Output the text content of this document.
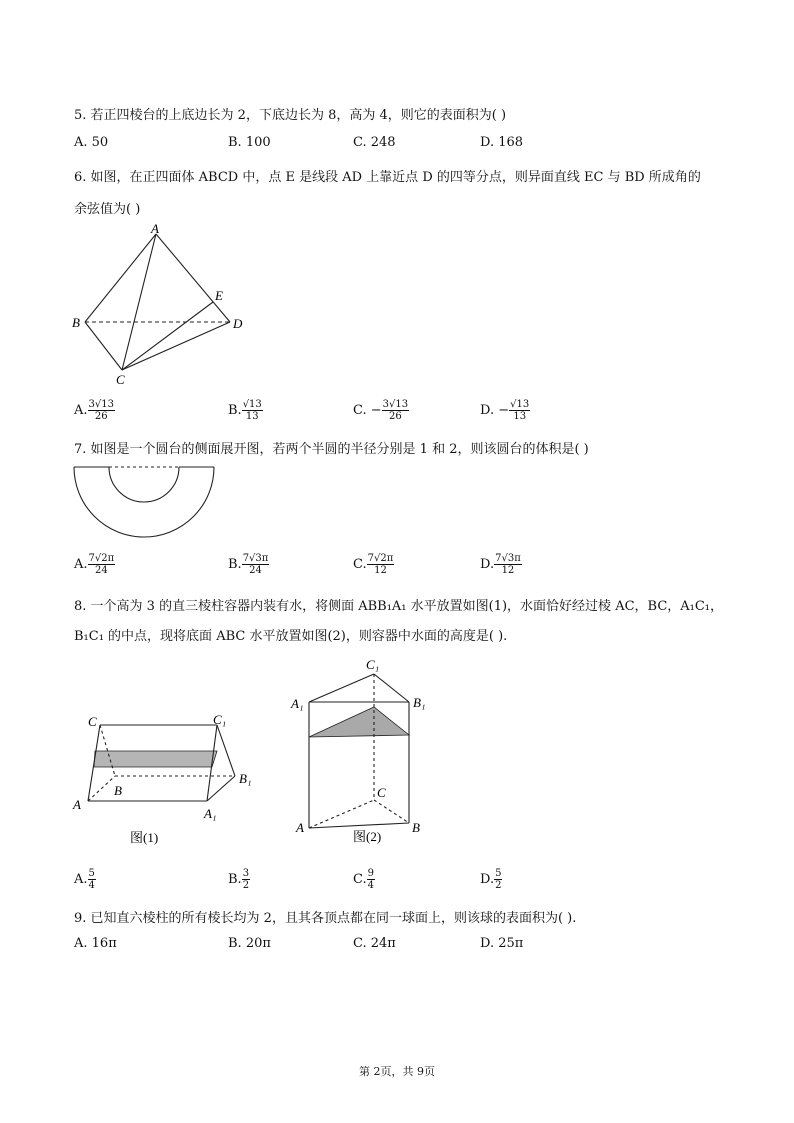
5. 若正四棱台的上底边长为 2，下底边长为 8，高为 4，则它的表面积为( )
A. 50	B. 100	C. 248	D. 168
6. 如图，在正四面体 ABCD 中，点 E 是线段 AD 上靠近点 D 的四等分点，则异面直线 EC 与 BD 所成角的
余弦值为( )
A
B
C
D
E
A. $\frac{3√13}{26}$	B. $\frac{√13}{13}$	C. − $\frac{3√13}{26}$	D. − $\frac{√13}{13}$
7. 如图是一个圆台的侧面展开图，若两个半圆的半径分别是 1 和 2，则该圆台的体积是( )
A. $\frac{7√2\pi}{24}$	B. $\frac{7√3\pi}{24}$	C. $\frac{7√2\pi}{12}$	D. $\frac{7√3\pi}{12}$
8. 一个高为 3 的直三棱柱容器内装有水，将侧面 ABB₁A₁ 水平放置如图(1)，水面恰好经过棱 AC，BC，A₁C₁，
B₁C₁ 的中点，现将底面 ABC 水平放置如图(2)，则容器中水面的高度是( ).
C	C₁
B
B₁
A
A₁
图(1)
C₁
A₁	B₁
C
A	B
图(2)
A. $\frac{5}{4}$	B. $\frac{3}{2}$	C. $\frac{9}{4}$	D. $\frac{5}{2}$
9. 已知直六棱柱的所有棱长均为 2，且其各顶点都在同一球面上，则该球的表面积为( ).
A. 16π	B. 20π	C. 24π	D. 25π
第 2页，共 9页
